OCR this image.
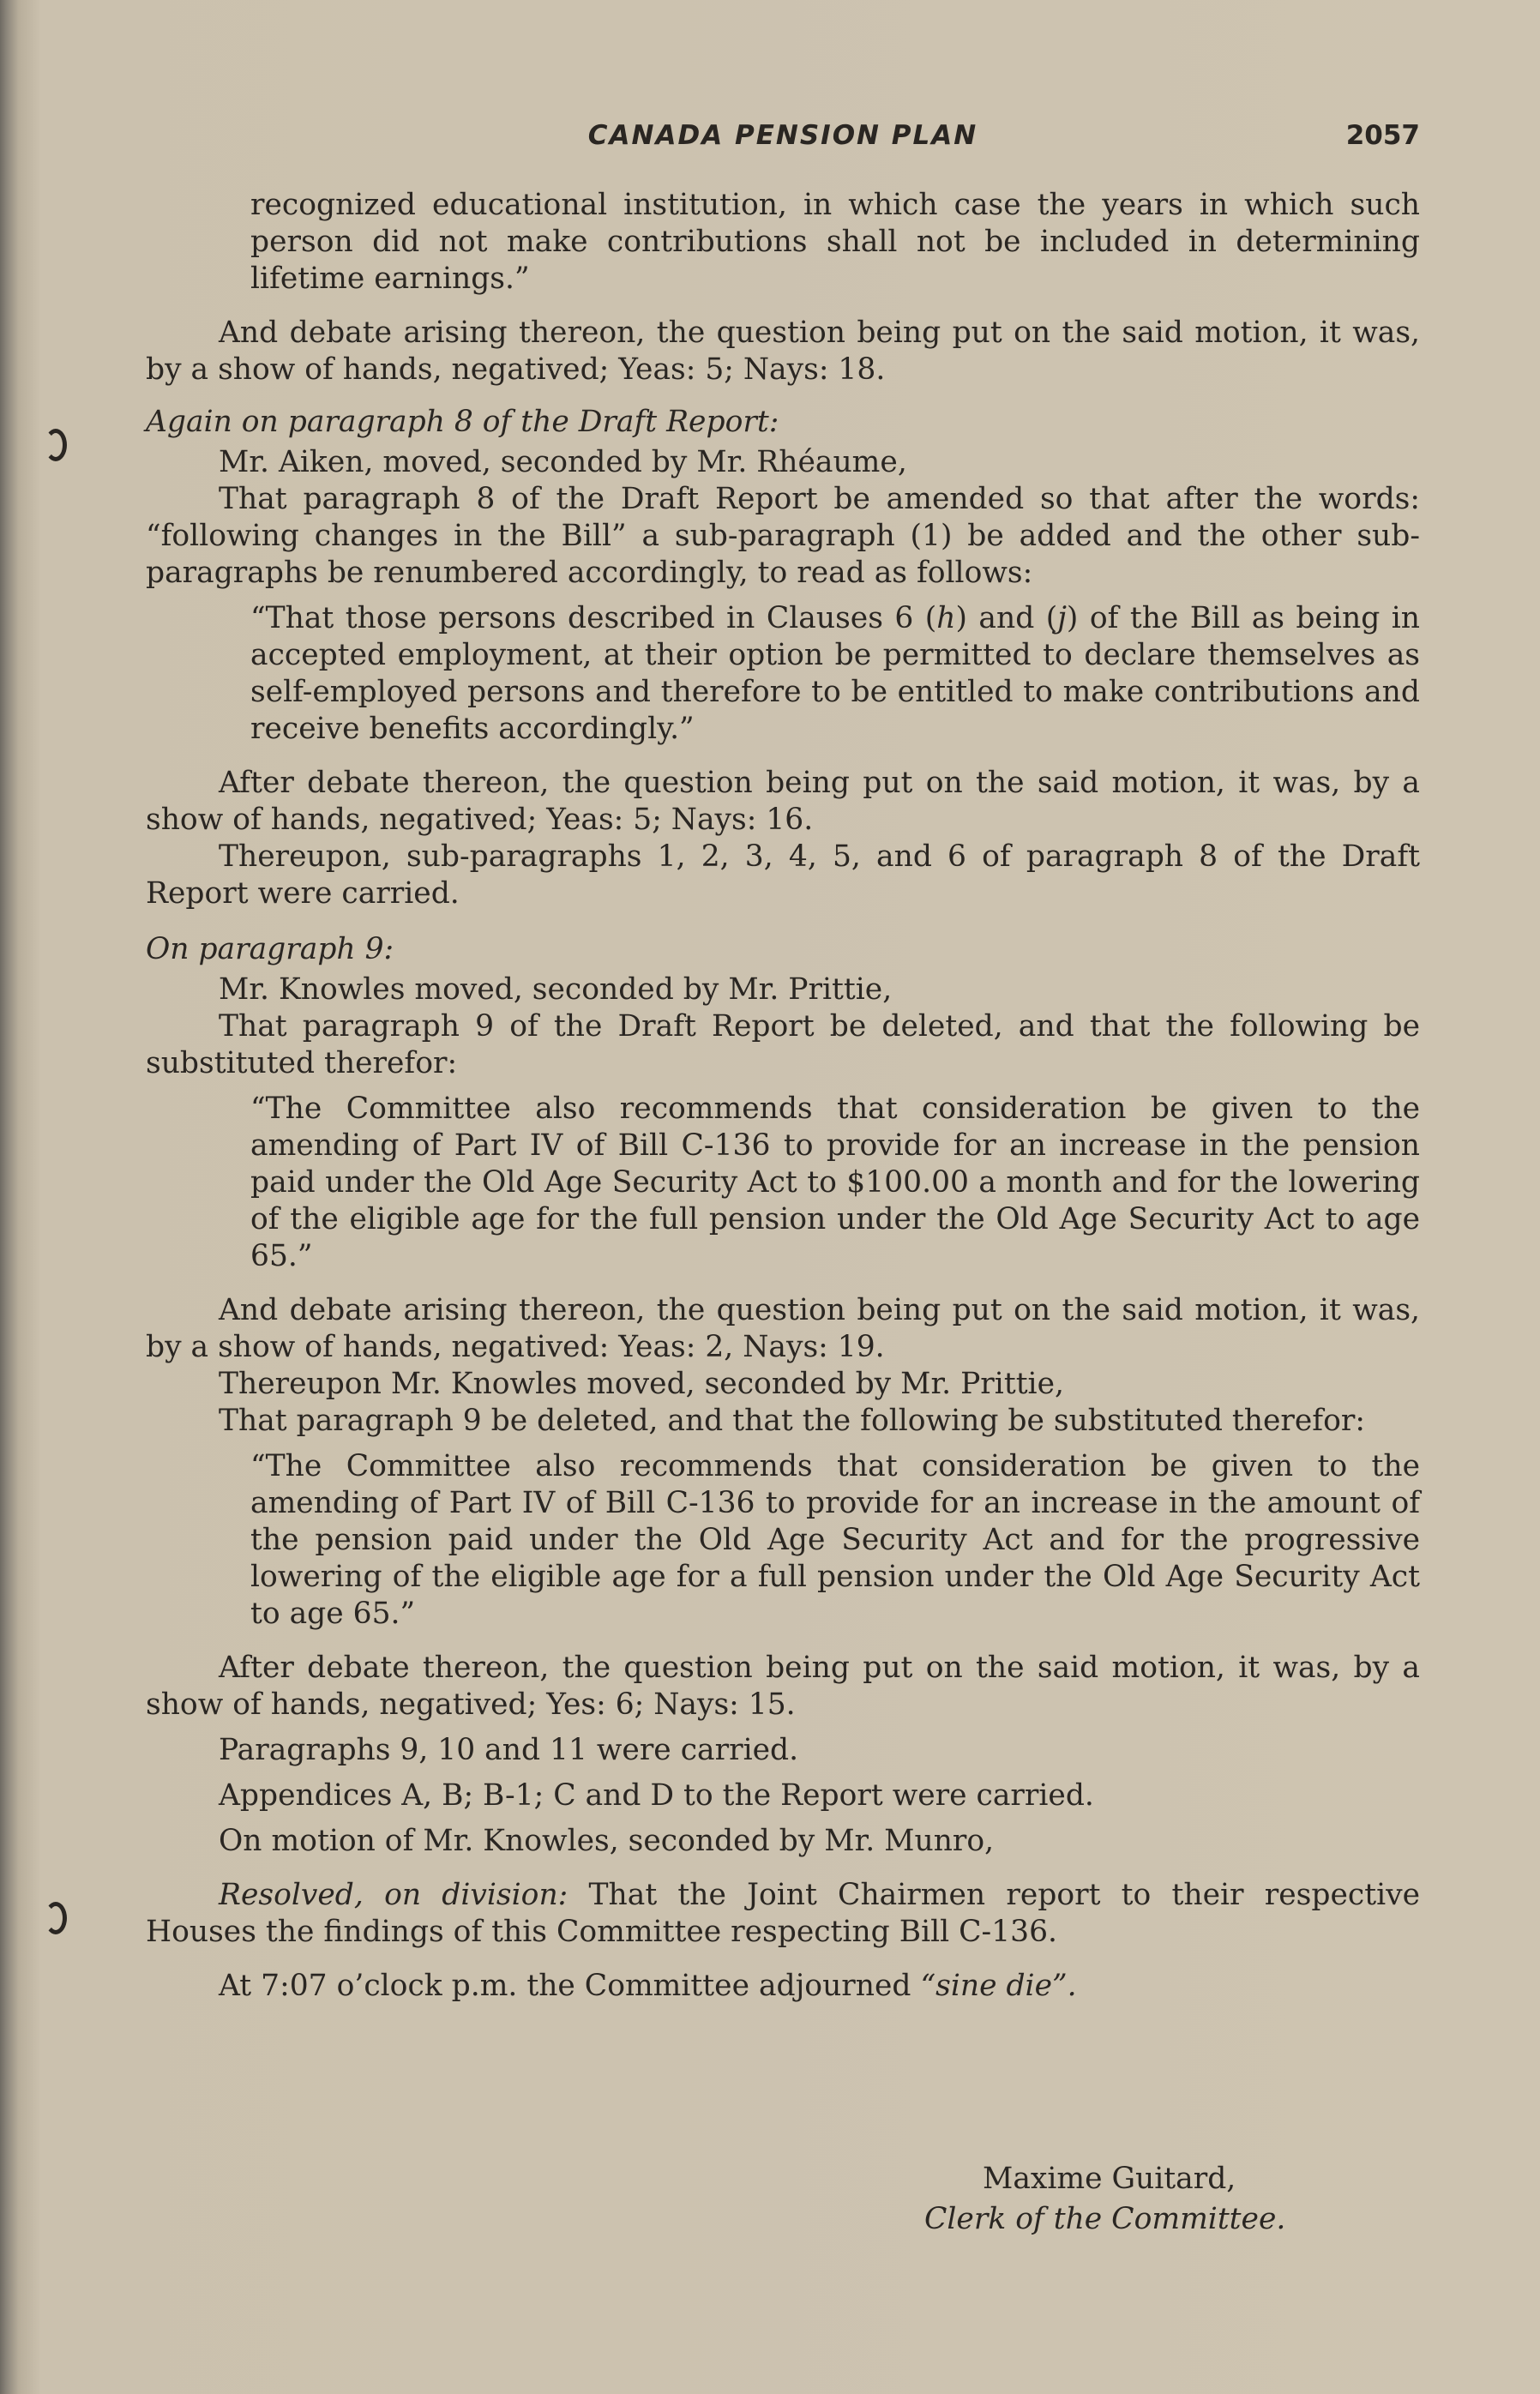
CANADA PENSION PLAN	2057

recognized educational institution, in which case the years in which such person did not make contributions shall not be included in determining lifetime earnings.”

And debate arising thereon, the question being put on the said motion, it was, by a show of hands, negatived; Yeas: 5; Nays: 18.

Again on paragraph 8 of the Draft Report:

Mr. Aiken, moved, seconded by Mr. Rhéaume,

That paragraph 8 of the Draft Report be amended so that after the words: “following changes in the Bill” a sub-paragraph (1) be added and the other sub-paragraphs be renumbered accordingly, to read as follows:

“That those persons described in Clauses 6 (h) and (j) of the Bill as being in accepted employment, at their option be permitted to declare themselves as self-employed persons and therefore to be entitled to make contributions and receive benefits accordingly.”

After debate thereon, the question being put on the said motion, it was, by a show of hands, negatived; Yeas: 5; Nays: 16.

Thereupon, sub-paragraphs 1, 2, 3, 4, 5, and 6 of paragraph 8 of the Draft Report were carried.

On paragraph 9:

Mr. Knowles moved, seconded by Mr. Prittie,

That paragraph 9 of the Draft Report be deleted, and that the following be substituted therefor:

“The Committee also recommends that consideration be given to the amending of Part IV of Bill C-136 to provide for an increase in the pension paid under the Old Age Security Act to $100.00 a month and for the lowering of the eligible age for the full pension under the Old Age Security Act to age 65.”

And debate arising thereon, the question being put on the said motion, it was, by a show of hands, negatived: Yeas: 2, Nays: 19.

Thereupon Mr. Knowles moved, seconded by Mr. Prittie,

That paragraph 9 be deleted, and that the following be substituted therefor:

“The Committee also recommends that consideration be given to the amending of Part IV of Bill C-136 to provide for an increase in the amount of the pension paid under the Old Age Security Act and for the progressive lowering of the eligible age for a full pension under the Old Age Security Act to age 65.”

After debate thereon, the question being put on the said motion, it was, by a show of hands, negatived; Yes: 6; Nays: 15.

Paragraphs 9, 10 and 11 were carried.

Appendices A, B; B-1; C and D to the Report were carried.

On motion of Mr. Knowles, seconded by Mr. Munro,

Resolved, on division: That the Joint Chairmen report to their respective Houses the findings of this Committee respecting Bill C-136.

At 7:07 o’clock p.m. the Committee adjourned “sine die”.

Maxime Guitard,
Clerk of the Committee.
